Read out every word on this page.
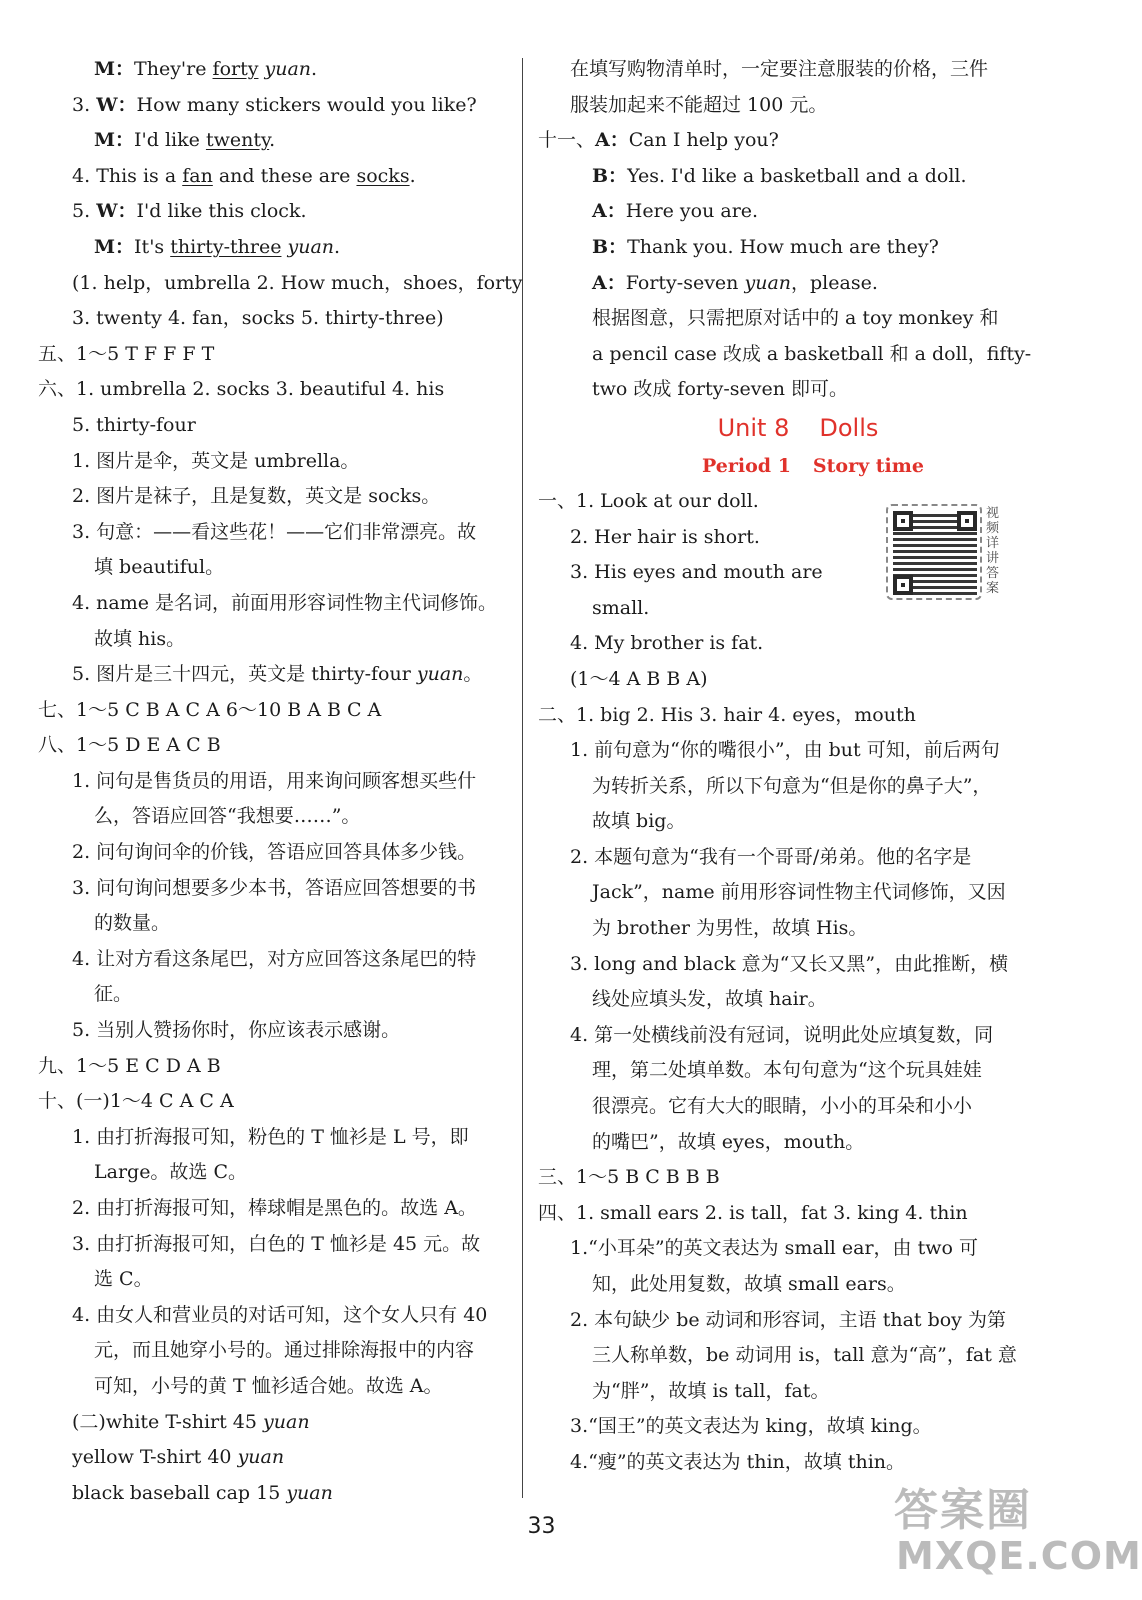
M：They're forty yuan.
3. W：How many stickers would you like?
M：I'd like twenty.
4. This is a fan and these are socks.
5. W：I'd like this clock.
M：It's thirty-three yuan.
(1. help，umbrella 2. How much，shoes，forty
3. twenty 4. fan，socks 5. thirty-three)
五、1～5 T F F F T
六、1. umbrella 2. socks 3. beautiful 4. his
5. thirty-four
1. 图片是伞，英文是 umbrella。
2. 图片是袜子，且是复数，英文是 socks。
3. 句意：——看这些花！——它们非常漂亮。故
填 beautiful。
4. name 是名词，前面用形容词性物主代词修饰。
故填 his。
5. 图片是三十四元，英文是 thirty-four yuan。
七、1～5 C B A C A 6～10 B A B C A
八、1～5 D E A C B
1. 问句是售货员的用语，用来询问顾客想买些什
么，答语应回答“我想要……”。
2. 问句询问伞的价钱，答语应回答具体多少钱。
3. 问句询问想要多少本书，答语应回答想要的书
的数量。
4. 让对方看这条尾巴，对方应回答这条尾巴的特
征。
5. 当别人赞扬你时，你应该表示感谢。
九、1～5 E C D A B
十、(一)1～4 C A C A
1. 由打折海报可知，粉色的 T 恤衫是 L 号，即
Large。故选 C。
2. 由打折海报可知，棒球帽是黑色的。故选 A。
3. 由打折海报可知，白色的 T 恤衫是 45 元。故
选 C。
4. 由女人和营业员的对话可知，这个女人只有 40
元，而且她穿小号的。通过排除海报中的内容
可知，小号的黄 T 恤衫适合她。故选 A。
(二)white T-shirt 45 yuan
yellow T-shirt 40 yuan
black baseball cap 15 yuan
在填写购物清单时，一定要注意服装的价格，三件
服装加起来不能超过 100 元。
十一、A：Can I help you?
B：Yes. I'd like a basketball and a doll.
A：Here you are.
B：Thank you. How much are they?
A：Forty-seven yuan，please.
根据图意，只需把原对话中的 a toy monkey 和
a pencil case 改成 a basketball 和 a doll，fifty-
two 改成 forty-seven 即可。
Unit 8 Dolls
Period 1 Story time
一、1. Look at our doll.
2. Her hair is short.
3. His eyes and mouth are
small.
4. My brother is fat.
(1～4 A B B A)
二、1. big 2. His 3. hair 4. eyes，mouth
1. 前句意为“你的嘴很小”，由 but 可知，前后两句
为转折关系，所以下句意为“但是你的鼻子大”，
故填 big。
2. 本题句意为“我有一个哥哥/弟弟。他的名字是
Jack”，name 前用形容词性物主代词修饰，又因
为 brother 为男性，故填 His。
3. long and black 意为“又长又黑”，由此推断，横
线处应填头发，故填 hair。
4. 第一处横线前没有冠词，说明此处应填复数，同
理，第二处填单数。本句句意为“这个玩具娃娃
很漂亮。它有大大的眼睛，小小的耳朵和小小
的嘴巴”，故填 eyes，mouth。
三、1～5 B C B B B
四、1. small ears 2. is tall，fat 3. king 4. thin
1.“小耳朵”的英文表达为 small ear，由 two 可
知，此处用复数，故填 small ears。
2. 本句缺少 be 动词和形容词，主语 that boy 为第
三人称单数，be 动词用 is，tall 意为“高”，fat 意
为“胖”，故填 is tall，fat。
3.“国王”的英文表达为 king，故填 king。
4.“瘦”的英文表达为 thin，故填 thin。
视频详讲答案
33	答案圈
MXQE.COM
